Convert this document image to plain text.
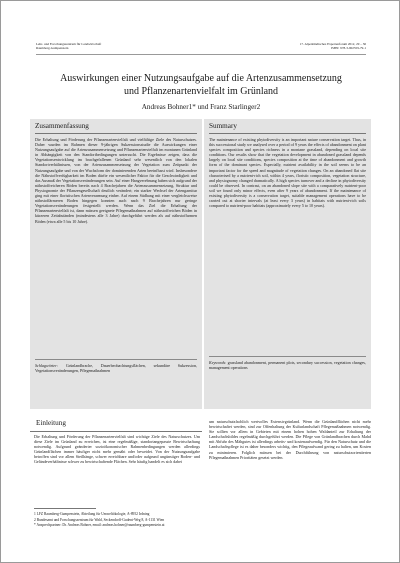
Lehr- und Forschungszentrum für Landwirtschaft
Raumberg-Gumpenstein
17. Alpenländisches Expertenforum 2012, 29 – 36
ISBN: 978-3-902559-79-1
Auswirkungen einer Nutzungsaufgabe auf die Artenzusammensetzung
und Pflanzenartenvielfalt im Grünland
Andreas Bohner1* und Franz Starlinger2
Zusammenfassung
Die Erhaltung und Förderung der Pflanzenartenvielfalt und vielfältige Ziele des Naturschutzes. Daher wurden im Rahmen dieser 9-jährigen Sukzessionsstudie die Auswirkungen einer Nutzungsaufgabe auf die Artenzusammensetzung und Pflanzenartenvielfalt im montanen Grünland in Abhängigkeit von den Standortbedingungen untersucht. Die Ergebnisse zeigen, dass die Vegetationsentwicklung im brachgefallenen Grünland sehr wesentlich von den lokalen Standortverhältnissen, von der Artenzusammensetzung der Vegetation zum Zeitpunkt der Nutzungsaufgabe und von der Wuchsform der dominierenden Arten beeinflusst wird. Insbesondere die Nährstoffverfügbarkeit im Boden dürfte ein wesentlicher Faktor für die Geschwindigkeit und das Ausmaß der Vegetationsveränderungen sein. Auf einer Hangverebnung haben sich aufgrund der nährstoffreicheren Böden bereits nach 4 Brachejahren die Artenzusammensetzung, Struktur und Physiognomie der Pflanzengesellschaft deutlich verändert; ein starker Wechsel der Artengarnitur ging mit einer floristischen Artenverarmung einher. Auf einem Südhang mit einer vergleichsweise nährstoffärmeren Boden hingegen konnten auch nach 9 Brachejahren nur geringe Vegetationsveränderungen festgestellt werden. Wenn das Ziel die Erhaltung der Pflanzenartenvielfalt ist, dann müssen geeignete Pflegemaßnahmen auf nährstoffreichen Böden in kürzeren Zeitabständen (mindestens alle 3 Jahre) durchgeführt werden als auf nährstoffarmen Böden (etwa alle 5 bis 10 Jahre).
Schlagwörter: Grünlandbrache, Dauerbeobachtungsflächen, sekundäre Sukzession, Vegetationsveränderungen, Pflegemaßnahmen
Summary
The maintenance of existing phytodiversity is an important nature conservation target. Thus, in this successional study we analysed over a period of 9 years the effects of abandonment on plant species composition and species richness in a montane grassland, depending on local site conditions. Our results show that the vegetation development in abandoned grassland depends largely on local site conditions, species composition at the time of abandonment and growth form of the dominant species. Especially, nutrient availability in the soil seems to be an important factor for the speed and magnitude of vegetation changes. On an abandoned flat site characterised by a nutrient-rich soil, within 4 years, floristic composition, vegetation structure, and physiognomy changed dramatically. A high species turnover and a decline in phytodiversity could be observed. In contrast, on an abandoned slope site with a comparatively nutrient-poor soil we found only minor effects, even after 9 years of abandonment. If the maintenance of existing phytodiversity is a conservation target, suitable management operations have to be carried out at shorter intervals (at least every 3 years) in habitats with nutrient-rich soils compared to nutrient-poor habitats (approximately every 5 to 10 years).
Keywords: grassland abandonment, permanent plots, secondary succession, vegetation changes, management operations
Einleitung
Die Erhaltung und Förderung der Pflanzenartenvielfalt sind wichtige Ziele des Naturschutzes. Um diese Ziele im Grünland zu erreichen, ist eine regelmäßige, standortangepasste Bewirtschaftung notwendig. Aufgrund geänderter sozioökonomischer Rahmenbedingungen werden allerdings Grünlandflächen immer häufiger nicht mehr gemäht oder beweidet. Von der Nutzungsaufgabe betroffen sind vor allem Steilhänge, schwer erreichbare und/oder aufgrund ungünstiger Boden- und Geländeverhältnisse schwer zu bewirtschaftende Flächen. Sehr häufig handelt es sich dabei
um naturschutzfachlich wertvolles Extensivgrünland. Wenn die Grünlandflächen nicht mehr bewirtschaftet werden, sind zur Offenhaltung der Kulturlandschaft Pflegemaßnahmen notwendig. Sie sollten vor allem in Gebieten mit einem hohen hohen Waldanteil zur Erhaltung der Landschaftsbildes regelmäßig durchgeführt werden. Die Pflege von Grünlandbrachen durch Mahd mit Abfuhr des Mähgutes ist allerdings arbeits- und kostenaufwendig. Für den Naturschutz und die Landschaftspflege ist es daher besonders wichtig, den Pflegeaufwand gering zu halten, um Kosten zu minimieren. Folglich müssen bei der Durchführung von naturschutzorientierten Pflegemaßnahmen Prioritäten gesetzt werden.
1 LFZ Raumberg-Gumpenstein, Abteilung für Umweltökologie, A-8952 Irdning
2 Bundesamt und Forschungszentrum für Wald, Seckendorff-Gudent-Weg 8, A-1131 Wien
* Ansprechpartner: Dr. Andreas Bohner, email: andreas.bohner@raumberg-gumpenstein.at
